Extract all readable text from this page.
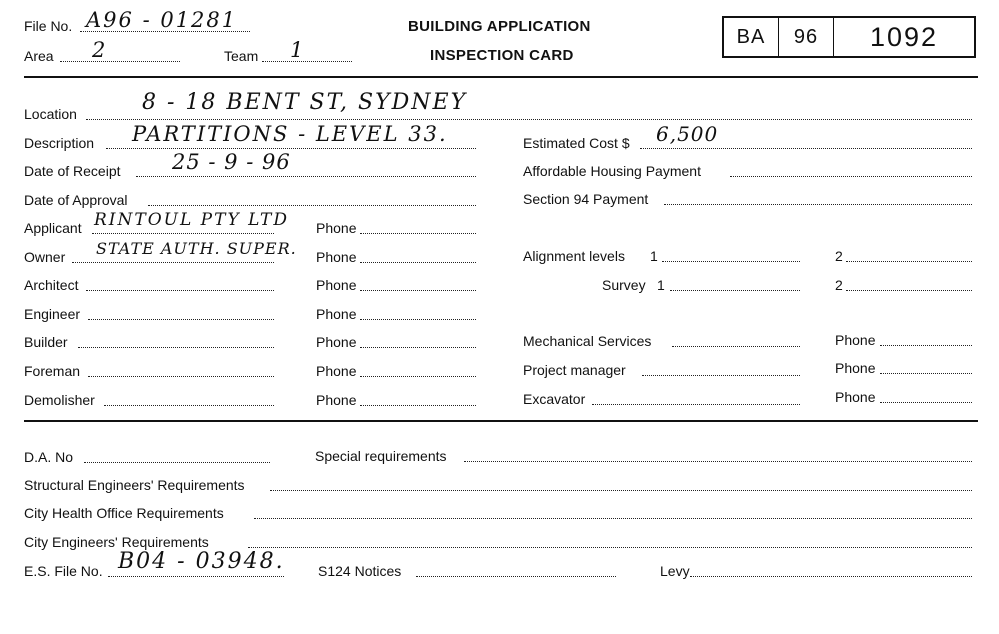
File No. A96 - 01281
Area 2	Team 1
BUILDING APPLICATION
INSPECTION CARD
BA	96	1092
Location	8 - 18 BENT ST, SYDNEY
Description PARTITIONS - LEVEL 33.	Estimated Cost $ 6,500
Date of Receipt 25 - 9 - 96	Affordable Housing Payment
Date of Approval	Section 94 Payment
Applicant RINTOUL PTY LTD Phone
Owner STATE AUTH. SUPER. Phone	Alignment levels 1	2
Architect	Phone	Survey 1	2
Engineer	Phone
Builder	Phone	Mechanical Services	Phone
Foreman	Phone	Project manager	Phone
Demolisher	Phone	Excavator	Phone
D.A. No	Special requirements
Structural Engineers' Requirements
City Health Office Requirements
City Engineers' Requirements
E.S. File No. B04 - 03948. S124 Notices	Levy
